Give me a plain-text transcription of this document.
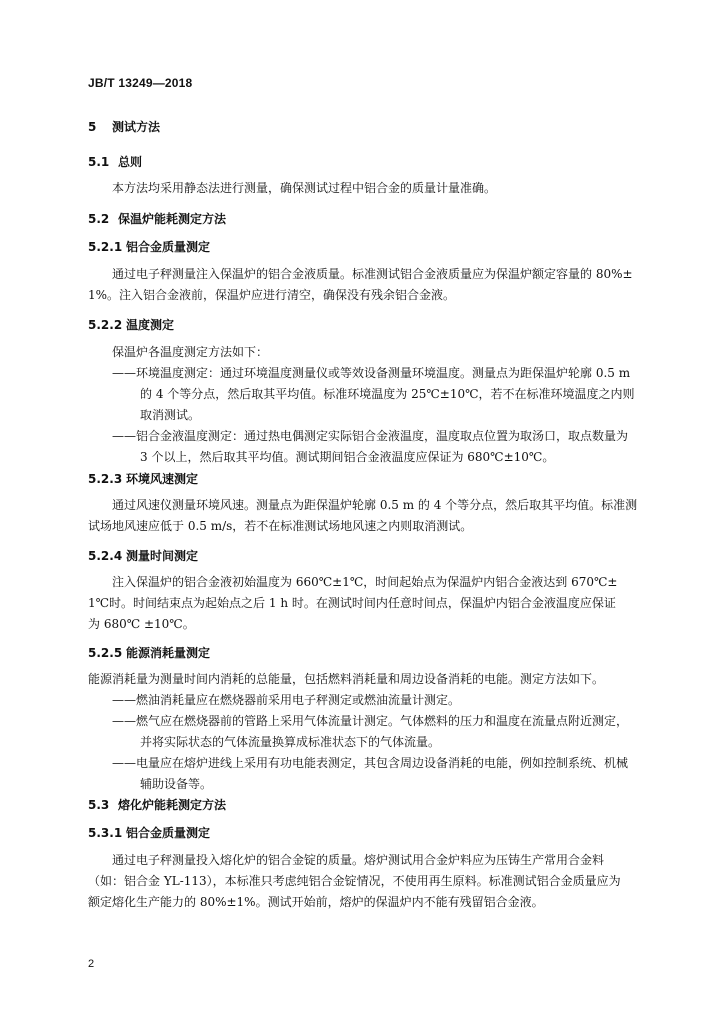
JB/T 13249—2018
5 测试方法
5.1 总则
本方法均采用静态法进行测量，确保测试过程中铝合金的质量计量准确。
5.2 保温炉能耗测定方法
5.2.1 铝合金质量测定
通过电子秤测量注入保温炉的铝合金液质量。标准测试铝合金液质量应为保温炉额定容量的 80%±
1%。注入铝合金液前，保温炉应进行清空，确保没有残余铝合金液。
5.2.2 温度测定
保温炉各温度测定方法如下：
——环境温度测定：通过环境温度测量仪或等效设备测量环境温度。测量点为距保温炉轮廓 0.5 m
的 4 个等分点，然后取其平均值。标准环境温度为 25℃±10℃，若不在标准环境温度之内则
取消测试。
——铝合金液温度测定：通过热电偶测定实际铝合金液温度，温度取点位置为取汤口，取点数量为
3 个以上，然后取其平均值。测试期间铝合金液温度应保证为 680℃±10℃。
5.2.3 环境风速测定
通过风速仪测量环境风速。测量点为距保温炉轮廓 0.5 m 的 4 个等分点，然后取其平均值。标准测
试场地风速应低于 0.5 m/s，若不在标准测试场地风速之内则取消测试。
5.2.4 测量时间测定
注入保温炉的铝合金液初始温度为 660℃±1℃，时间起始点为保温炉内铝合金液达到 670℃±
1℃时。时间结束点为起始点之后 1 h 时。在测试时间内任意时间点，保温炉内铝合金液温度应保证
为 680℃ ±10℃。
5.2.5 能源消耗量测定
能源消耗量为测量时间内消耗的总能量，包括燃料消耗量和周边设备消耗的电能。测定方法如下。
——燃油消耗量应在燃烧器前采用电子秤测定或燃油流量计测定。
——燃气应在燃烧器前的管路上采用气体流量计测定。气体燃料的压力和温度在流量点附近测定，
并将实际状态的气体流量换算成标准状态下的气体流量。
——电量应在熔炉进线上采用有功电能表测定，其包含周边设备消耗的电能，例如控制系统、机械
辅助设备等。
5.3 熔化炉能耗测定方法
5.3.1 铝合金质量测定
通过电子秤测量投入熔化炉的铝合金锭的质量。熔炉测试用合金炉料应为压铸生产常用合金料
（如：铝合金 YL-113），本标准只考虑纯铝合金锭情况，不使用再生原料。标准测试铝合金质量应为
额定熔化生产能力的 80%±1%。测试开始前，熔炉的保温炉内不能有残留铝合金液。
2
